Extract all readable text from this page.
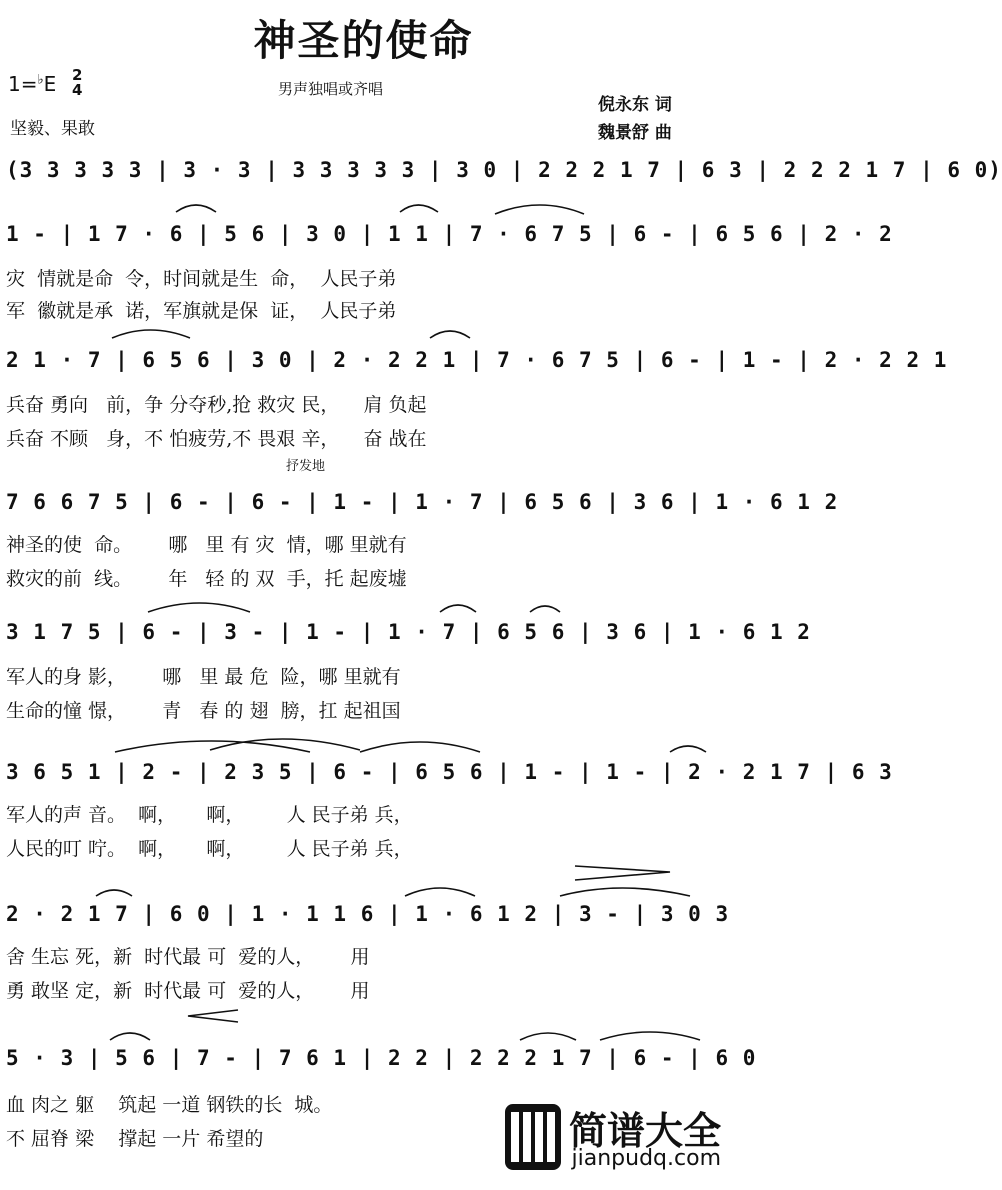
神圣的使命
1=♭E 2
4	男声独唱或齐唱
倪永东 词
魏景舒 曲
坚毅、果敢
(3 3 3 3 3 | 3 · 3 | 3 3 3 3 3 | 3 0 | 2 2 2 1 7 | 6 3 | 2 2 2 1 7 | 6 0)
1 - | 1 7 · 6 | 5 6 | 3 0 | 1 1 | 7 · 6 7 5 | 6 - | 6 5 6 | 2 · 2
灾  情就是命  令，时间就是生  命，  人民子弟
军  徽就是承  诺，军旗就是保  证，  人民子弟
2 1 · 7 | 6 5 6 | 3 0 | 2 · 2 2 1 | 7 · 6 7 5 | 6 - | 1 - | 2 · 2 2 1
兵奋 勇向   前，争 分夺秒,抢 救灾 民，    肩 负起
兵奋 不顾   身，不 怕疲劳,不 畏艰 辛，    奋 战在
抒发地
7 6 6 7 5 | 6 - | 6 - | 1 - | 1 · 7 | 6 5 6 | 3 6 | 1 · 6 1 2
神圣的使  命。      哪   里 有 灾  情，哪 里就有
救灾的前  线。      年   轻 的 双  手，托 起废墟
3 1 7 5 | 6 - | 3 - | 1 - | 1 · 7 | 6 5 6 | 3 6 | 1 · 6 1 2
军人的身 影，      哪   里 最 危  险，哪 里就有
生命的憧 憬，      青   春 的 翅  膀，扛 起祖国
3 6 5 1 | 2 - | 2 3 5 | 6 - | 6 5 6 | 1 - | 1 - | 2 · 2 1 7 | 6 3
军人的声 音。  啊，     啊，       人 民子弟 兵，
人民的叮 咛。  啊，     啊，       人 民子弟 兵，
2 · 2 1 7 | 6 0 | 1 · 1 1 6 | 1 · 6 1 2 | 3 - | 3 0 3
舍 生忘 死，新  时代最 可  爱的人，      用
勇 敢坚 定，新  时代最 可  爱的人，      用
5 · 3 | 5 6 | 7 - | 7 6 1 | 2 2 | 2 2 2 1 7 | 6 - | 6 0
血 肉之 躯    筑起 一道 钢铁的长  城。
不 屈脊 梁    撑起 一片 希望的	简谱大全
jianpudq.com
